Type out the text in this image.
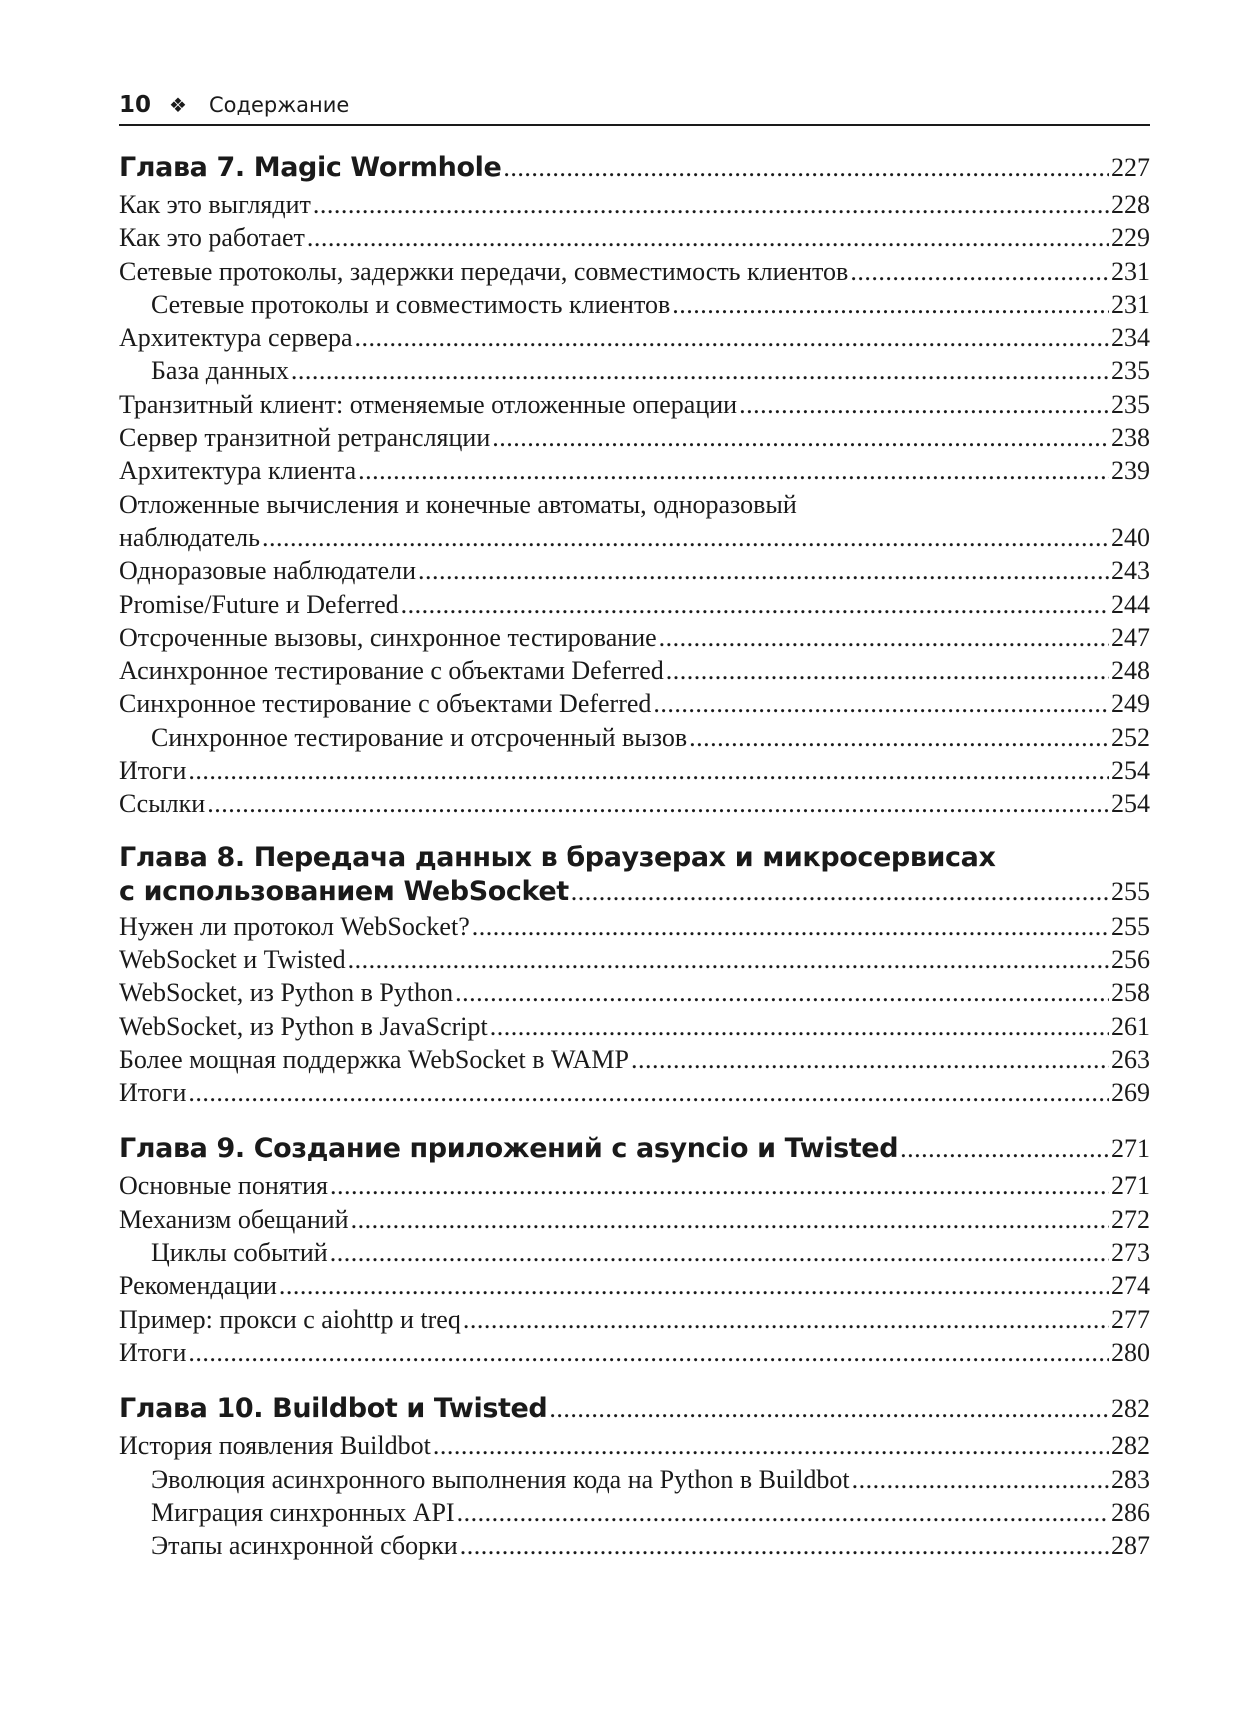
10 ❖ Содержание
Глава 7. Magic Wormhole .....	227
Как это выглядит .....	228
Как это работает .....	229
Сетевые протоколы, задержки передачи, совместимость клиентов .....	231
Сетевые протоколы и совместимость клиентов .....	231
Архитектура сервера .....	234
База данных .....	235
Транзитный клиент: отменяемые отложенные операции .....	235
Сервер транзитной ретрансляции .....	238
Архитектура клиента .....	239
Отложенные вычисления и конечные автоматы, одноразовый
наблюдатель .....	240
Одноразовые наблюдатели .....	243
Promise/Future и Deferred .....	244
Отсроченные вызовы, синхронное тестирование .....	247
Асинхронное тестирование с объектами Deferred .....	248
Синхронное тестирование с объектами Deferred .....	249
Синхронное тестирование и отсроченный вызов .....	252
Итоги .....	254
Ссылки .....	254
Глава 8. Передача данных в браузерах и микросервисах
с использованием WebSocket .....	255
Нужен ли протокол WebSocket? .....	255
WebSocket и Twisted .....	256
WebSocket, из Python в Python .....	258
WebSocket, из Python в JavaScript .....	261
Более мощная поддержка WebSocket в WAMP .....	263
Итоги .....	269
Глава 9. Создание приложений с asyncio и Twisted .....	271
Основные понятия .....	271
Механизм обещаний .....	272
Циклы событий .....	273
Рекомендации .....	274
Пример: прокси с aiohttp и treq .....	277
Итоги .....	280
Глава 10. Buildbot и Twisted .....	282
История появления Buildbot .....	282
Эволюция асинхронного выполнения кода на Python в Buildbot .....	283
Миграция синхронных API .....	286
Этапы асинхронной сборки .....	287
